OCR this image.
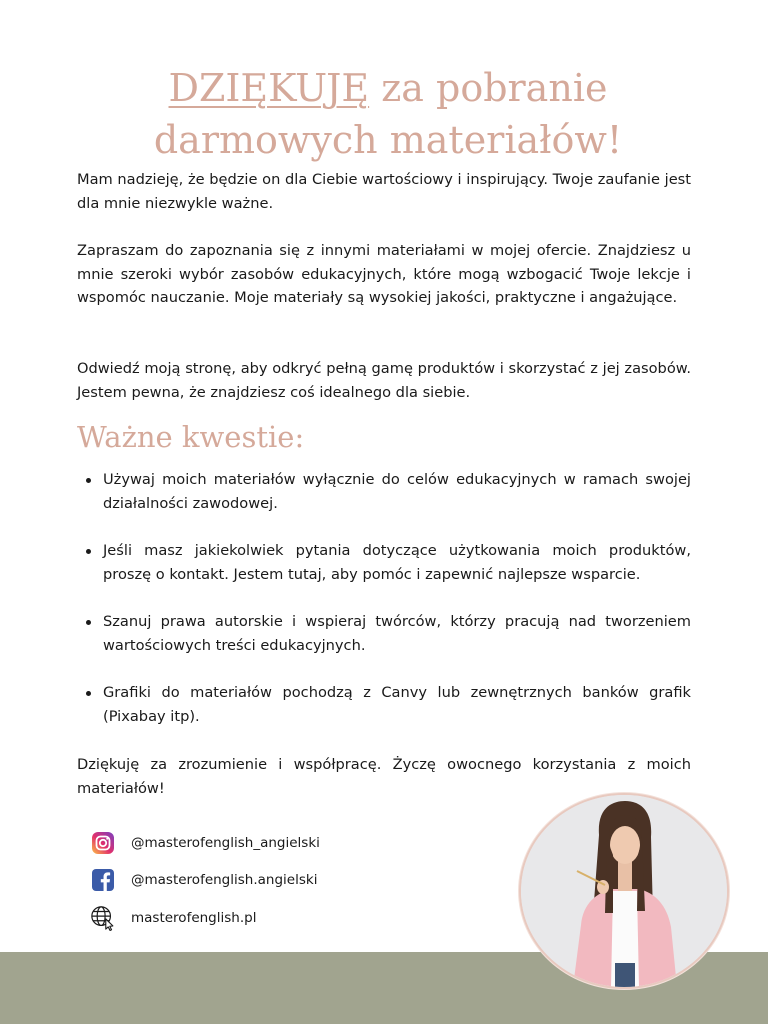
DZIĘKUJĘ za pobranie darmowych materiałów!

Mam nadzieję, że będzie on dla Ciebie wartościowy i inspirujący. Twoje zaufanie jest dla mnie niezwykle ważne.

Zapraszam do zapoznania się z innymi materiałami w mojej ofercie. Znajdziesz u mnie szeroki wybór zasobów edukacyjnych, które mogą wzbogacić Twoje lekcje i wspomóc nauczanie. Moje materiały są wysokiej jakości, praktyczne i angażujące.

Odwiedź moją stronę, aby odkryć pełną gamę produktów i skorzystać z jej zasobów. Jestem pewna, że znajdziesz coś idealnego dla siebie.

Ważne kwestie:
Używaj moich materiałów wyłącznie do celów edukacyjnych w ramach swojej działalności zawodowej.
Jeśli masz jakiekolwiek pytania dotyczące użytkowania moich produktów, proszę o kontakt. Jestem tutaj, aby pomóc i zapewnić najlepsze wsparcie.
Szanuj prawa autorskie i wspieraj twórców, którzy pracują nad tworzeniem wartościowych treści edukacyjnych.
Grafiki do materiałów pochodzą z Canvy lub zewnętrznych banków grafik (Pixabay itp).

Dziękuję za zrozumienie i współpracę. Życzę owocnego korzystania z moich materiałów!

@masterofenglish_angielski
@masterofenglish.angielski
masterofenglish.pl
